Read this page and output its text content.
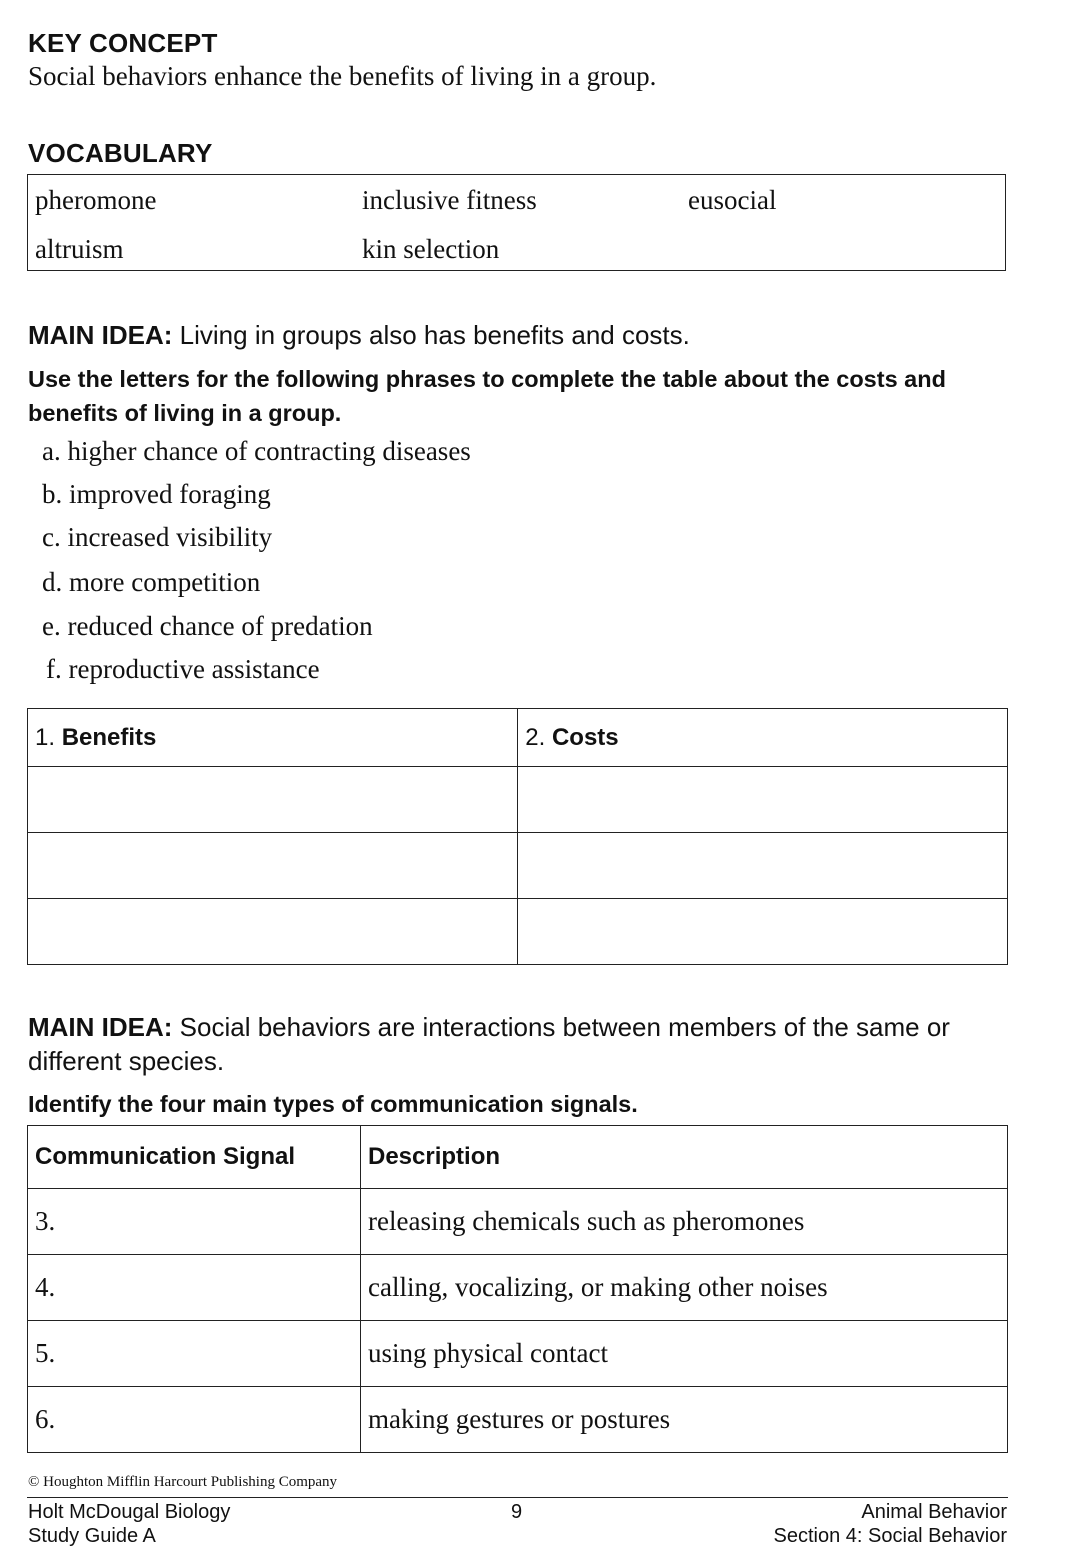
KEY CONCEPT
Social behaviors enhance the benefits of living in a group.
VOCABULARY
pheromone	inclusive fitness	eusocial
altruism	kin selection
MAIN IDEA: Living in groups also has benefits and costs.
Use the letters for the following phrases to complete the table about the costs and benefits of living in a group.
a. higher chance of contracting diseases
b. improved foraging
c. increased visibility
d. more competition
e. reduced chance of predation
f. reproductive assistance
1. Benefits	2. Costs

MAIN IDEA: Social behaviors are interactions between members of the same or different species.
Identify the four main types of communication signals.
Communication Signal	Description
3.	releasing chemicals such as pheromones
4.	calling, vocalizing, or making other noises
5.	using physical contact
6.	making gestures or postures
© Houghton Mifflin Harcourt Publishing Company
Holt McDougal Biology
Study Guide A
9	Animal Behavior
Section 4: Social Behavior
